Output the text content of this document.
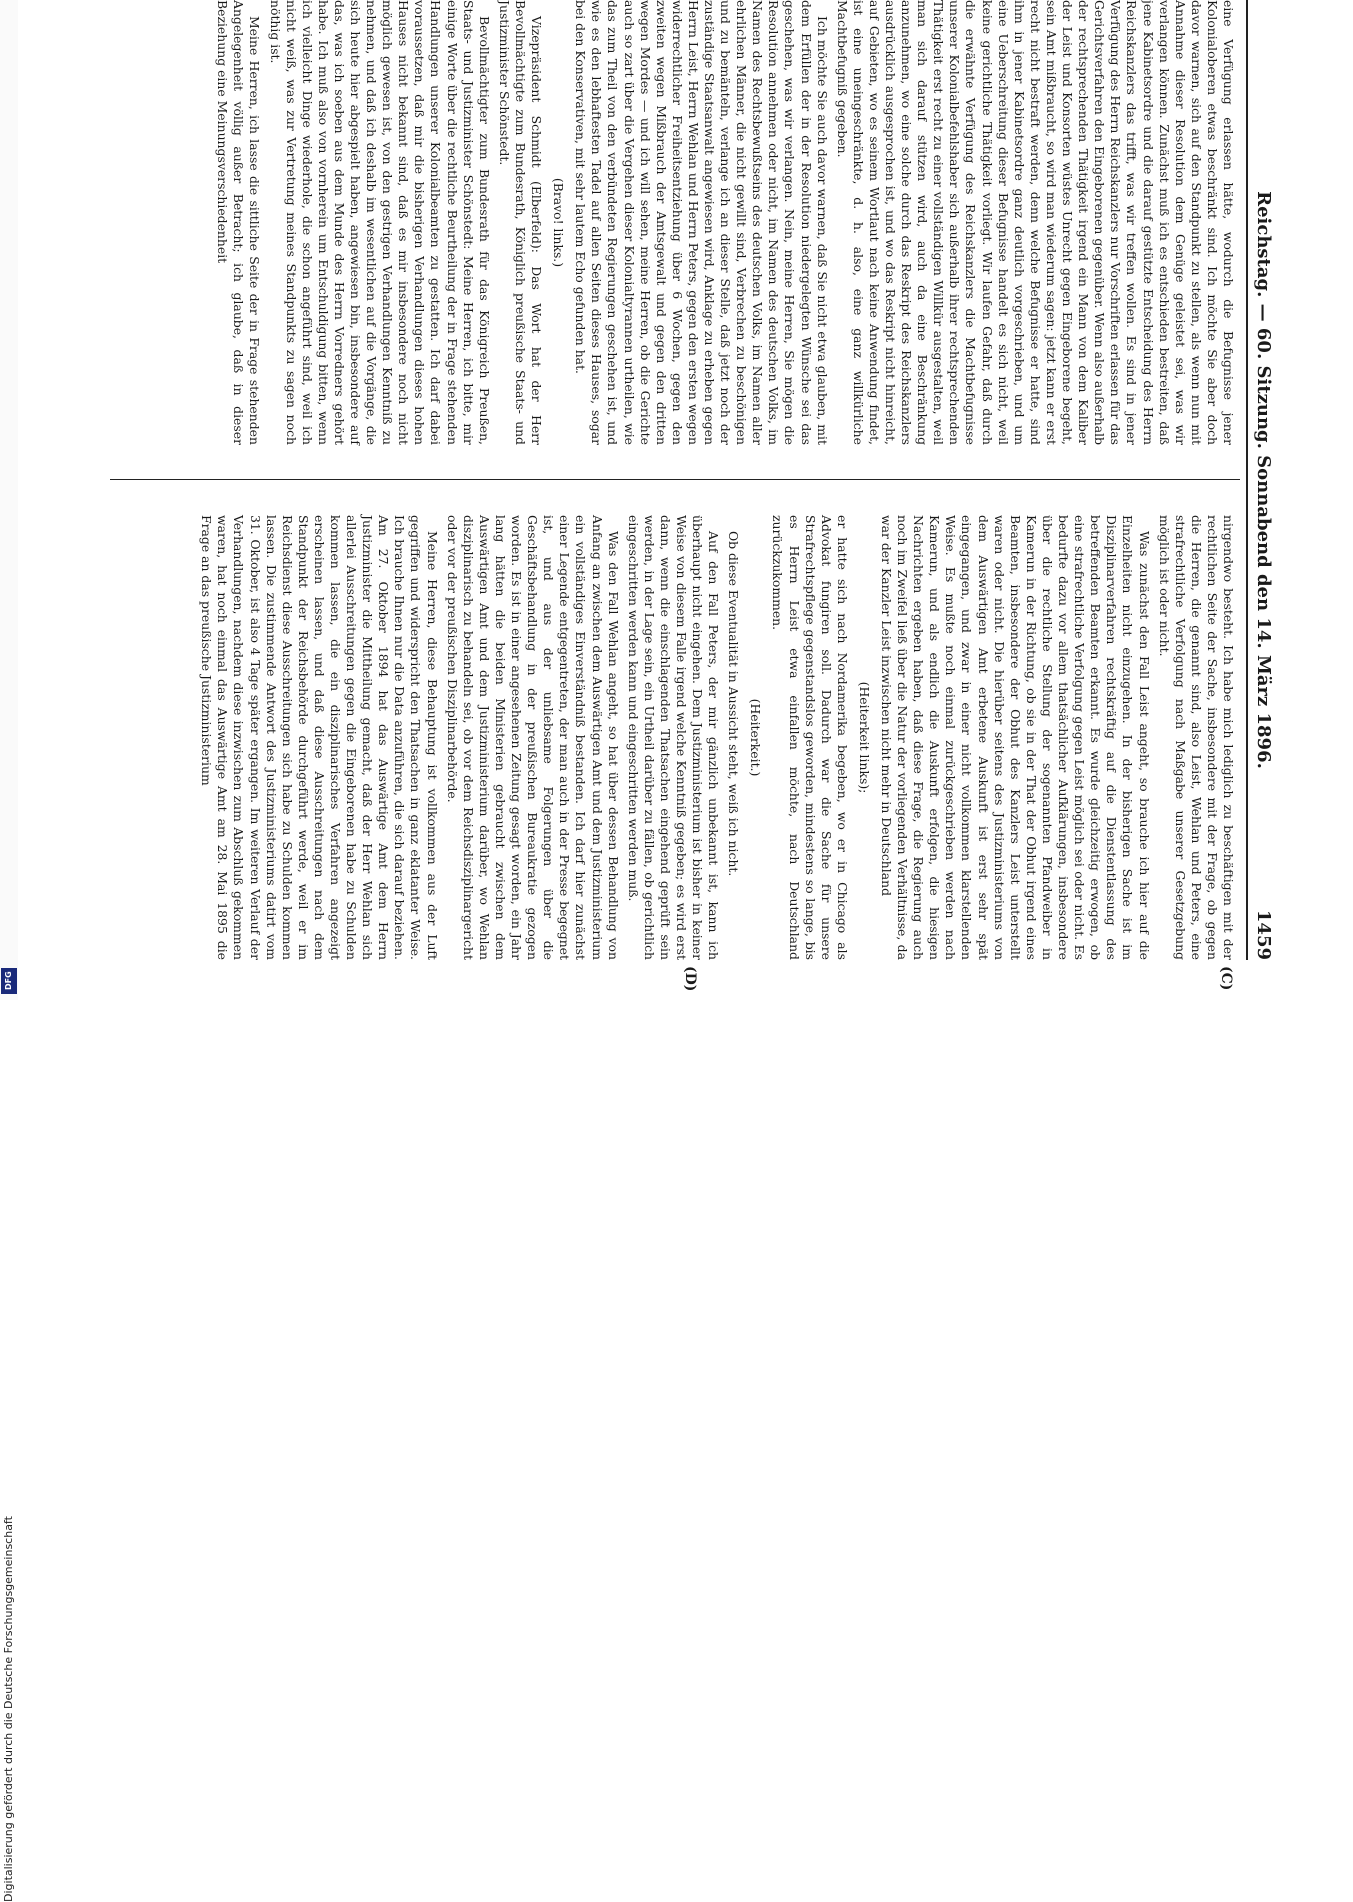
Digitalisierung gefördert durch die Deutsche Forschungsgemeinschaft
DFG
Reichstag. — 60. Sitzung. Sonnabend den 14. März 1896.
1459
(C)
(D)

eine Verfügung erlassen hätte, wodurch die Befugnisse jener Kolonialoberen etwas beschränkt sind. Ich möchte Sie aber doch davor warnen, sich auf den Standpunkt zu stellen, als wenn nun mit Annahme dieser Resolution dem Genüge geleistet sei, was wir verlangen können. Zunächst muß ich es entschieden bestreiten, daß jene Kabinetsordre und die darauf gestützte Entscheidung des Herrn Reichskanzlers das trifft, was wir treffen wollen. Es sind in jener Verfügung des Herrn Reichskanzlers nur Vorschriften erlassen für das Gerichtsverfahren den Eingeborenen gegenüber. Wenn also außerhalb der rechtsprechenden Thätigkeit irgend ein Mann von dem Kaliber der Leist und Konsorten wüstes Unrecht gegen Eingeborene begeht, sein Amt mißbraucht, so wird man wiederum sagen: jetzt kann er erst recht nicht bestraft werden, denn welche Befugnisse er hatte, sind ihm in jener Kabinetsordre ganz deutlich vorgeschrieben, und um eine Ueberschreitung dieser Befugnisse handelt es sich nicht, weil keine gerichtliche Thätigkeit vorliegt. Wir laufen Gefahr, daß durch die erwähnte Verfügung des Reichskanzlers die Machtbefugnisse unserer Kolonialbefehlshaber sich außerhalb ihrer rechtsprechenden Thätigkeit erst recht zu einer vollständigen Willkür ausgestalten, weil man sich darauf stützen wird, auch da eine Beschränkung anzunehmen, wo eine solche durch das Reskript des Reichskanzlers ausdrücklich ausgesprochen ist, und wo das Reskript nicht hinreicht, auf Gebieten, wo es seinem Wortlaut nach keine Anwendung findet, ist eine uneingeschränkte, d. h. also, eine ganz willkürliche Machtbefugniß gegeben.

Ich möchte Sie auch davor warnen, daß Sie nicht etwa glauben, mit dem Erfüllen der in der Resolution niedergelegten Wünsche sei das geschehen, was wir verlangen. Nein, meine Herren, Sie mögen die Resolution annehmen oder nicht, im Namen des deutschen Volks, im Namen des Rechtsbewußtseins des deutschen Volks, im Namen aller ehrlichen Männer, die nicht gewillt sind, Verbrechen zu beschönigen und zu bemänteln, verlange ich an dieser Stelle, daß jetzt noch der zuständige Staatsanwalt angewiesen wird, Anklage zu erheben gegen Herrn Leist, Herrn Wehlan und Herrn Peters, gegen den ersten wegen widerrechtlicher Freiheitsentziehung über 6 Wochen, gegen den zweiten wegen Mißbrauch der Amtsgewalt und gegen den dritten wegen Mordes — und ich will sehen, meine Herren, ob die Gerichte auch so zart über die Vergehen dieser Kolonialtyrannen urtheilen, wie das zum Theil von den verbündeten Regierungen geschehen ist, und wie es den lebhaftesten Tadel auf allen Seiten dieses Hauses, sogar bei den Konservativen, mit sehr lautem Echo gefunden hat.

(Bravo! links.)

Vizepräsident Schmidt (Elberfeld): Das Wort hat der Herr Bevollmächtigte zum Bundesrath, Königlich preußische Staats- und Justizminister Schönstedt.

Bevollmächtigter zum Bundesrath für das Königreich Preußen, Staats- und Justizminister Schönstedt: Meine Herren, ich bitte, mir einige Worte über die rechtliche Beurtheilung der in Frage stehenden Handlungen unserer Kolonialbeamten zu gestatten. Ich darf dabei voraussetzen, daß mir die bisherigen Verhandlungen dieses hohen Hauses nicht bekannt sind, daß es mir insbesondere noch nicht möglich gewesen ist, von den gestrigen Verhandlungen Kenntniß zu nehmen, und daß ich deshalb im wesentlichen auf die Vorgänge, die sich heute hier abgespielt haben, angewiesen bin, insbesondere auf das, was ich soeben aus dem Munde des Herrn Vorredners gehört habe. Ich muß also von vornherein um Entschuldigung bitten, wenn ich vielleicht Dinge wiederhole, die schon angeführt sind, weil ich nicht weiß, was zur Vertretung meines Standpunkts zu sagen noch nöthig ist.

Meine Herren, ich lasse die sittliche Seite der in Frage stehenden Angelegenheit völlig außer Betracht; ich glaube, daß in dieser Beziehung eine Meinungsverschiedenheit

nirgendwo besteht. Ich habe mich lediglich zu beschäftigen mit der rechtlichen Seite der Sache, insbesondere mit der Frage, ob gegen die Herren, die genannt sind, also Leist, Wehlan und Peters, eine strafrechtliche Verfolgung nach Maßgabe unserer Gesetzgebung möglich ist oder nicht.

Was zunächst den Fall Leist angeht, so brauche ich hier auf die Einzelheiten nicht einzugehen. In der bisherigen Sache ist im Disziplinarverfahren rechtskräftig auf die Dienstentlassung des betreffenden Beamten erkannt. Es wurde gleichzeitig erwogen, ob eine strafrechtliche Verfolgung gegen Leist möglich sei oder nicht. Es bedurfte dazu vor allem thatsächlicher Aufklärungen, insbesondere über die rechtliche Stellung der sogenannten Pfandweiber in Kamerun in der Richtung, ob sie in der That der Obhut irgend eines Beamten, insbesondere der Obhut des Kanzlers Leist unterstellt waren oder nicht. Die hierüber seitens des Justizministeriums von dem Auswärtigen Amt erbetene Auskunft ist erst sehr spät eingegangen, und zwar in einer nicht vollkommen klarstellenden Weise. Es mußte noch einmal zurückgeschrieben werden nach Kamerun, und als endlich die Auskunft erfolgen, die hiesigen Nachrichten ergeben haben, daß diese Frage, die Regierung auch noch im Zweifel ließ über die Natur der vorliegenden Verhältnisse, da war der Kanzler Leist inzwischen nicht mehr in Deutschland

(Heiterkeit links);

er hatte sich nach Nordamerika begeben, wo er in Chicago als Advokat fungiren soll. Dadurch war die Sache für unsere Strafrechtspflege gegenstandslos geworden, mindestens so lange, bis es Herrn Leist etwa einfallen möchte, nach Deutschland zurückzukommen.

(Heiterkeit.)

Ob diese Eventualität in Aussicht steht, weiß ich nicht.

Auf den Fall Peters, der mir gänzlich unbekannt ist, kann ich überhaupt nicht eingehen. Dem Justizministerium ist bisher in keiner Weise von diesem Falle irgend welche Kenntniß gegeben; es wird erst dann, wenn die einschlagenden Thatsachen eingehend geprüft sein werden, in der Lage sein, ein Urtheil darüber zu fällen, ob gerichtlich eingeschritten werden kann und eingeschritten werden muß.

Was den Fall Wehlan angeht, so hat über dessen Behandlung von Anfang an zwischen dem Auswärtigen Amt und dem Justizministerium ein vollständiges Einverständniß bestanden. Ich darf hier zunächst einer Legende entgegentreten, der man auch in der Presse begegnet ist, und aus der unliebsame Folgerungen über die Geschäftsbehandlung in der preußischen Bureaukratie gezogen worden. Es ist in einer angesehenen Zeitung gesagt worden, ein Jahr lang hätten die beiden Ministerien gebraucht zwischen dem Auswärtigen Amt und dem Justizministerium darüber, wo Wehlan disziplinarisch zu behandeln sei, ob vor dem Reichsdisziplinargericht oder vor der preußischen Disziplinarbehörde.

Meine Herren, diese Behauptung ist vollkommen aus der Luft gegriffen und widerspricht den Thatsachen in ganz eklatanter Weise. Ich brauche Ihnen nur die Data anzuführen, die sich darauf beziehen. Am 27. Oktober 1894 hat das Auswärtige Amt dem Herrn Justizminister die Mittheilung gemacht, daß der Herr Wehlan sich allerlei Ausschreitungen gegen die Eingeborenen habe zu Schulden kommen lassen, die ein disziplinarisches Verfahren angezeigt erscheinen lassen, und daß diese Ausschreitungen nach dem Standpunkt der Reichsbehörde durchgeführt werde, weil er im Reichsdienst diese Ausschreitungen sich habe zu Schulden kommen lassen. Die zustimmende Antwort des Justizministeriums datirt vom 31. Oktober, ist also 4 Tage später ergangen. Im weiteren Verlauf der Verhandlungen, nachdem diese inzwischen zum Abschluß gekommen waren, hat noch einmal das Auswärtige Amt am 28. Mai 1895 die Frage an das preußische Justizministerium
